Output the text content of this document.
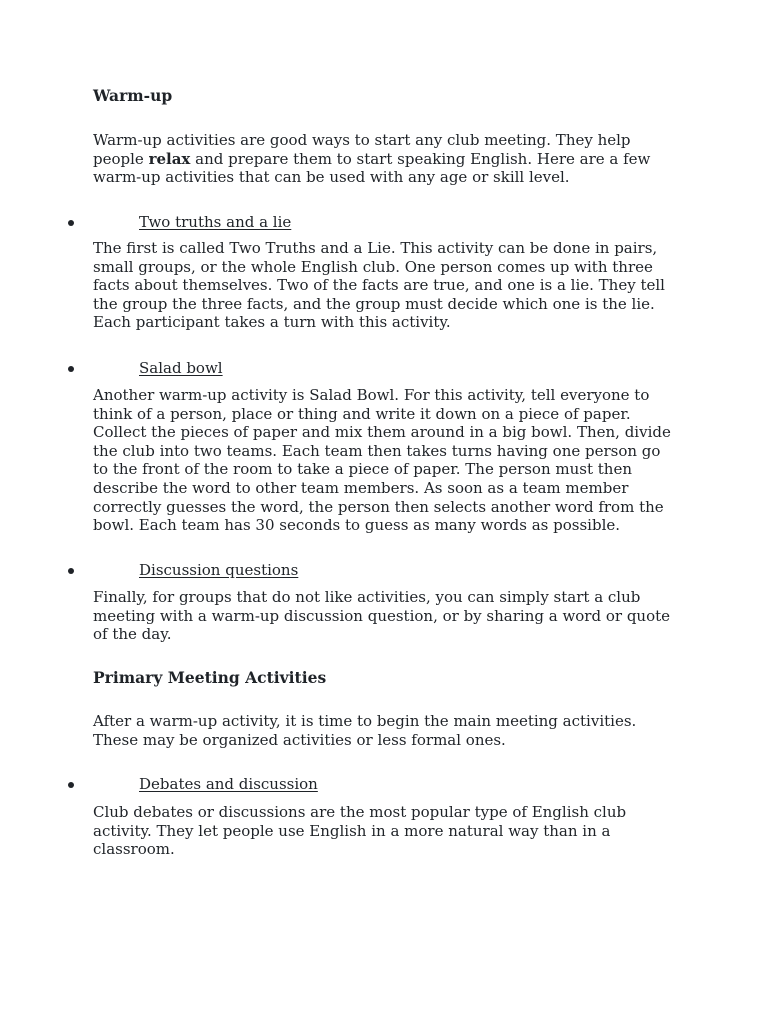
Warm-up

Warm-up activities are good ways to start any club meeting. They help
people relax and prepare them to start speaking English. Here are a few
warm-up activities that can be used with any age or skill level.
Two truths and a lie
The first is called Two Truths and a Lie. This activity can be done in pairs,
small groups, or the whole English club. One person comes up with three
facts about themselves. Two of the facts are true, and one is a lie. They tell
the group the three facts, and the group must decide which one is the lie.
Each participant takes a turn with this activity.
Salad bowl
Another warm-up activity is Salad Bowl. For this activity, tell everyone to
think of a person, place or thing and write it down on a piece of paper.
Collect the pieces of paper and mix them around in a big bowl. Then, divide
the club into two teams. Each team then takes turns having one person go
to the front of the room to take a piece of paper. The person must then
describe the word to other team members. As soon as a team member
correctly guesses the word, the person then selects another word from the
bowl. Each team has 30 seconds to guess as many words as possible.
Discussion questions
Finally, for groups that do not like activities, you can simply start a club
meeting with a warm-up discussion question, or by sharing a word or quote
of the day.

Primary Meeting Activities

After a warm-up activity, it is time to begin the main meeting activities.
These may be organized activities or less formal ones.
Debates and discussion
Club debates or discussions are the most popular type of English club
activity. They let people use English in a more natural way than in a
classroom.
